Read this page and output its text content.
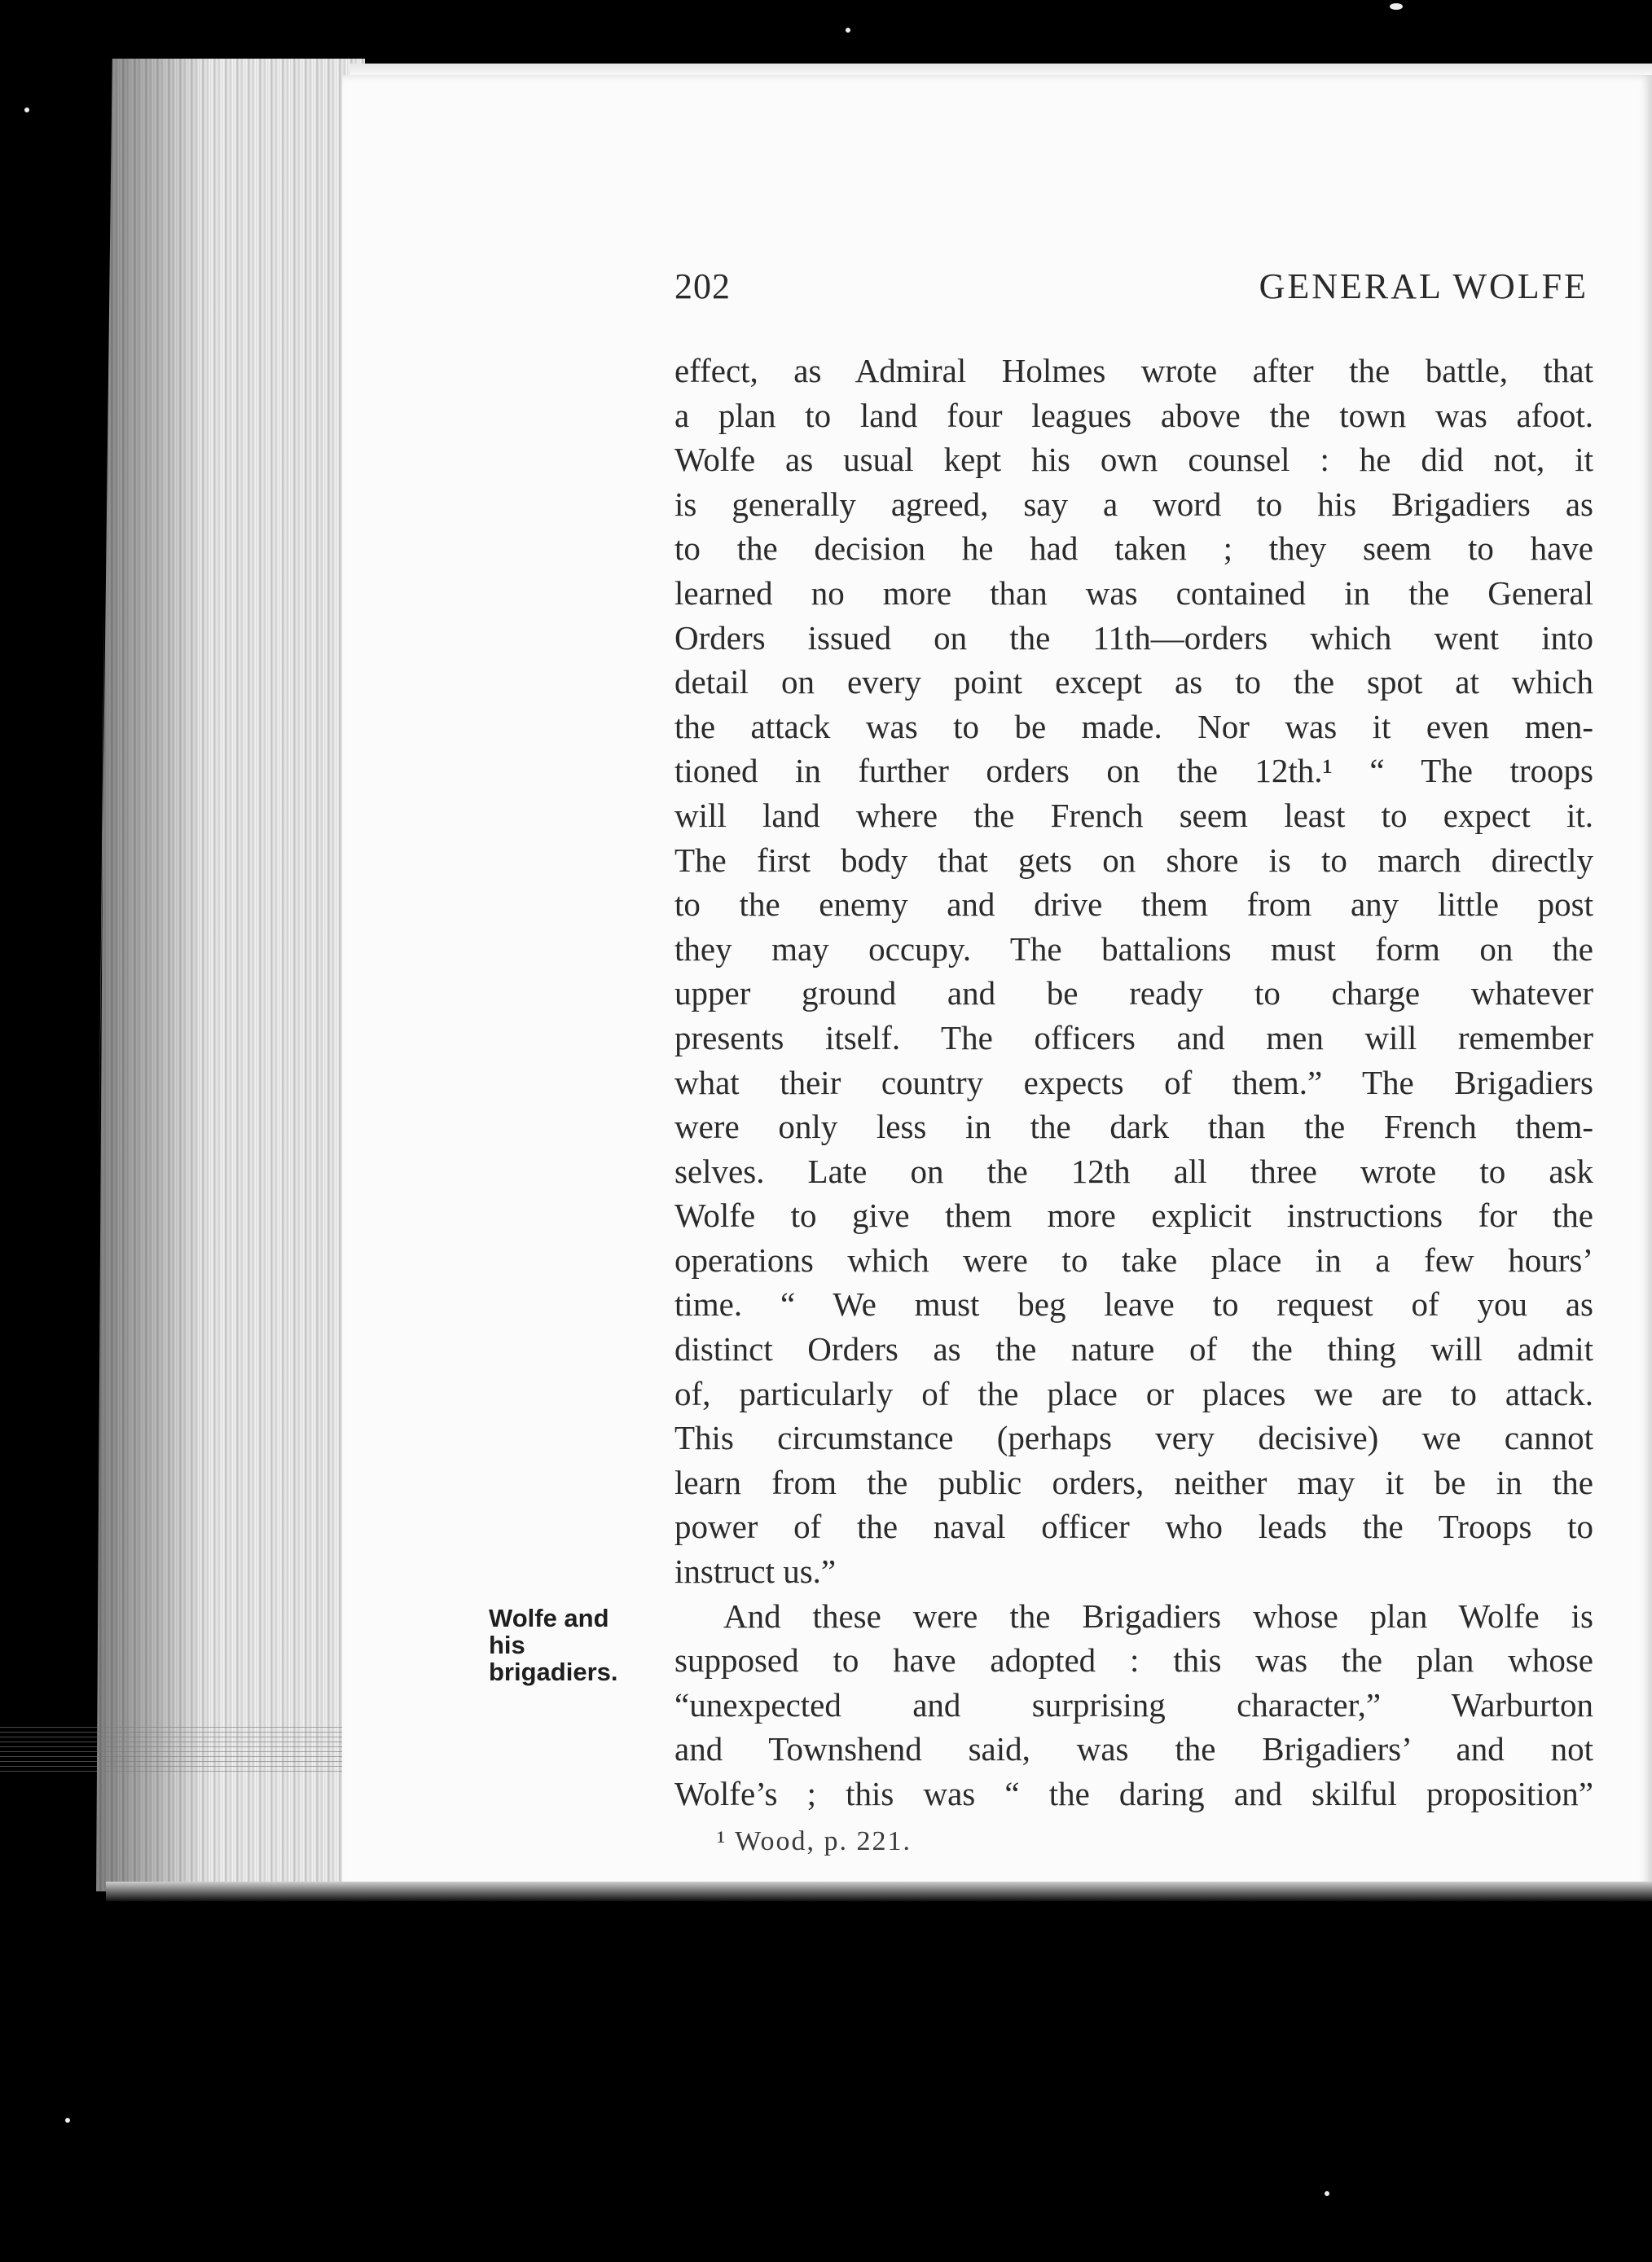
202	GENERAL WOLFE
Wolfe and
his
brigadiers.
effect, as Admiral Holmes wrote after the battle, that
a plan to land four leagues above the town was afoot.
Wolfe as usual kept his own counsel : he did not, it
is generally agreed, say a word to his Brigadiers as
to the decision he had taken ; they seem to have
learned no more than was contained in the General
Orders issued on the 11th—orders which went into
detail on every point except as to the spot at which
the attack was to be made. Nor was it even men-
tioned in further orders on the 12th.¹ “ The troops
will land where the French seem least to expect it.
The first body that gets on shore is to march directly
to the enemy and drive them from any little post
they may occupy. The battalions must form on the
upper ground and be ready to charge whatever
presents itself. The officers and men will remember
what their country expects of them.” The Brigadiers
were only less in the dark than the French them-
selves. Late on the 12th all three wrote to ask
Wolfe to give them more explicit instructions for the
operations which were to take place in a few hours’
time. “ We must beg leave to request of you as
distinct Orders as the nature of the thing will admit
of, particularly of the place or places we are to attack.
This circumstance (perhaps very decisive) we cannot
learn from the public orders, neither may it be in the
power of the naval officer who leads the Troops to
instruct us.”
And these were the Brigadiers whose plan Wolfe is
supposed to have adopted : this was the plan whose
“unexpected and surprising character,” Warburton
and Townshend said, was the Brigadiers’ and not
Wolfe’s ; this was “ the daring and skilful proposition”
¹ Wood, p. 221.
